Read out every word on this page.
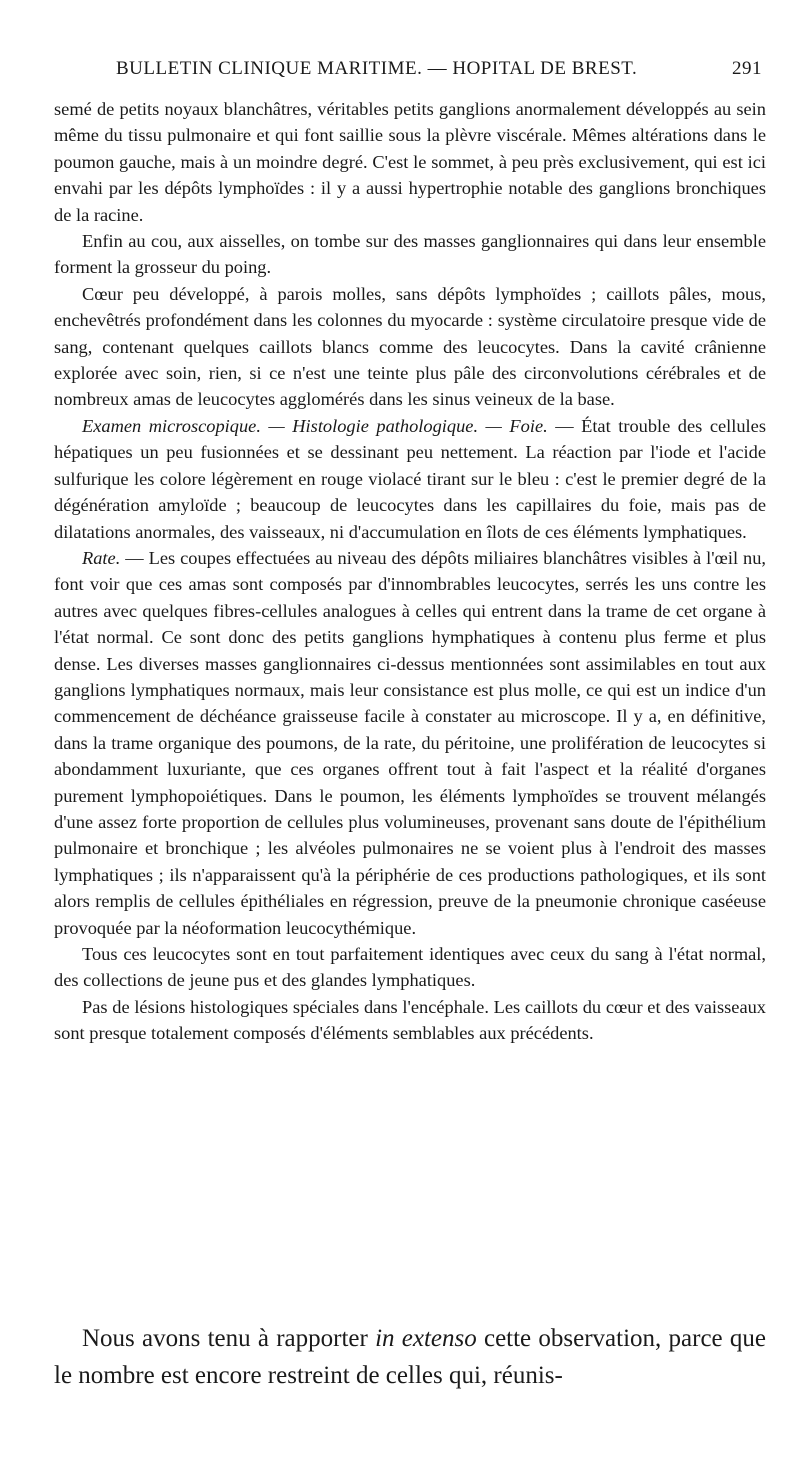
BULLETIN CLINIQUE MARITIME. — HOPITAL DE BREST.	291

semé de petits noyaux blanchâtres, véritables petits ganglions anormalement développés au sein même du tissu pulmonaire et qui font saillie sous la plèvre viscérale. Mêmes altérations dans le poumon gauche, mais à un moindre degré. C'est le sommet, à peu près exclusivement, qui est ici envahi par les dépôts lymphoïdes : il y a aussi hypertrophie notable des ganglions bronchiques de la racine.

Enfin au cou, aux aisselles, on tombe sur des masses ganglionnaires qui dans leur ensemble forment la grosseur du poing.

Cœur peu développé, à parois molles, sans dépôts lymphoïdes ; caillots pâles, mous, enchevêtrés profondément dans les colonnes du myocarde : système circulatoire presque vide de sang, contenant quelques caillots blancs comme des leucocytes. Dans la cavité crânienne explorée avec soin, rien, si ce n'est une teinte plus pâle des circonvolutions cérébrales et de nombreux amas de leucocytes agglomérés dans les sinus veineux de la base.

Examen microscopique. — Histologie pathologique. — Foie. — État trouble des cellules hépatiques un peu fusionnées et se dessinant peu nettement. La réaction par l'iode et l'acide sulfurique les colore légèrement en rouge violacé tirant sur le bleu : c'est le premier degré de la dégénération amyloïde ; beaucoup de leucocytes dans les capillaires du foie, mais pas de dilatations anormales, des vaisseaux, ni d'accumulation en îlots de ces éléments lymphatiques.

Rate. — Les coupes effectuées au niveau des dépôts miliaires blanchâtres visibles à l'œil nu, font voir que ces amas sont composés par d'innombrables leucocytes, serrés les uns contre les autres avec quelques fibres-cellules analogues à celles qui entrent dans la trame de cet organe à l'état normal. Ce sont donc des petits ganglions hymphatiques à contenu plus ferme et plus dense. Les diverses masses ganglionnaires ci-dessus mentionnées sont assimilables en tout aux ganglions lymphatiques normaux, mais leur consistance est plus molle, ce qui est un indice d'un commencement de déchéance graisseuse facile à constater au microscope. Il y a, en définitive, dans la trame organique des poumons, de la rate, du péritoine, une prolifération de leucocytes si abondamment luxuriante, que ces organes offrent tout à fait l'aspect et la réalité d'organes purement lymphopoiétiques. Dans le poumon, les éléments lymphoïdes se trouvent mélangés d'une assez forte proportion de cellules plus volumineuses, provenant sans doute de l'épithélium pulmonaire et bronchique ; les alvéoles pulmonaires ne se voient plus à l'endroit des masses lymphatiques ; ils n'apparaissent qu'à la périphérie de ces productions pathologiques, et ils sont alors remplis de cellules épithéliales en régression, preuve de la pneumonie chronique caséeuse provoquée par la néoformation leucocythémique.

Tous ces leucocytes sont en tout parfaitement identiques avec ceux du sang à l'état normal, des collections de jeune pus et des glandes lymphatiques.

Pas de lésions histologiques spéciales dans l'encéphale. Les caillots du cœur et des vaisseaux sont presque totalement composés d'éléments semblables aux précédents.

Nous avons tenu à rapporter in extenso cette observation, parce que le nombre est encore restreint de celles qui, réunis-
